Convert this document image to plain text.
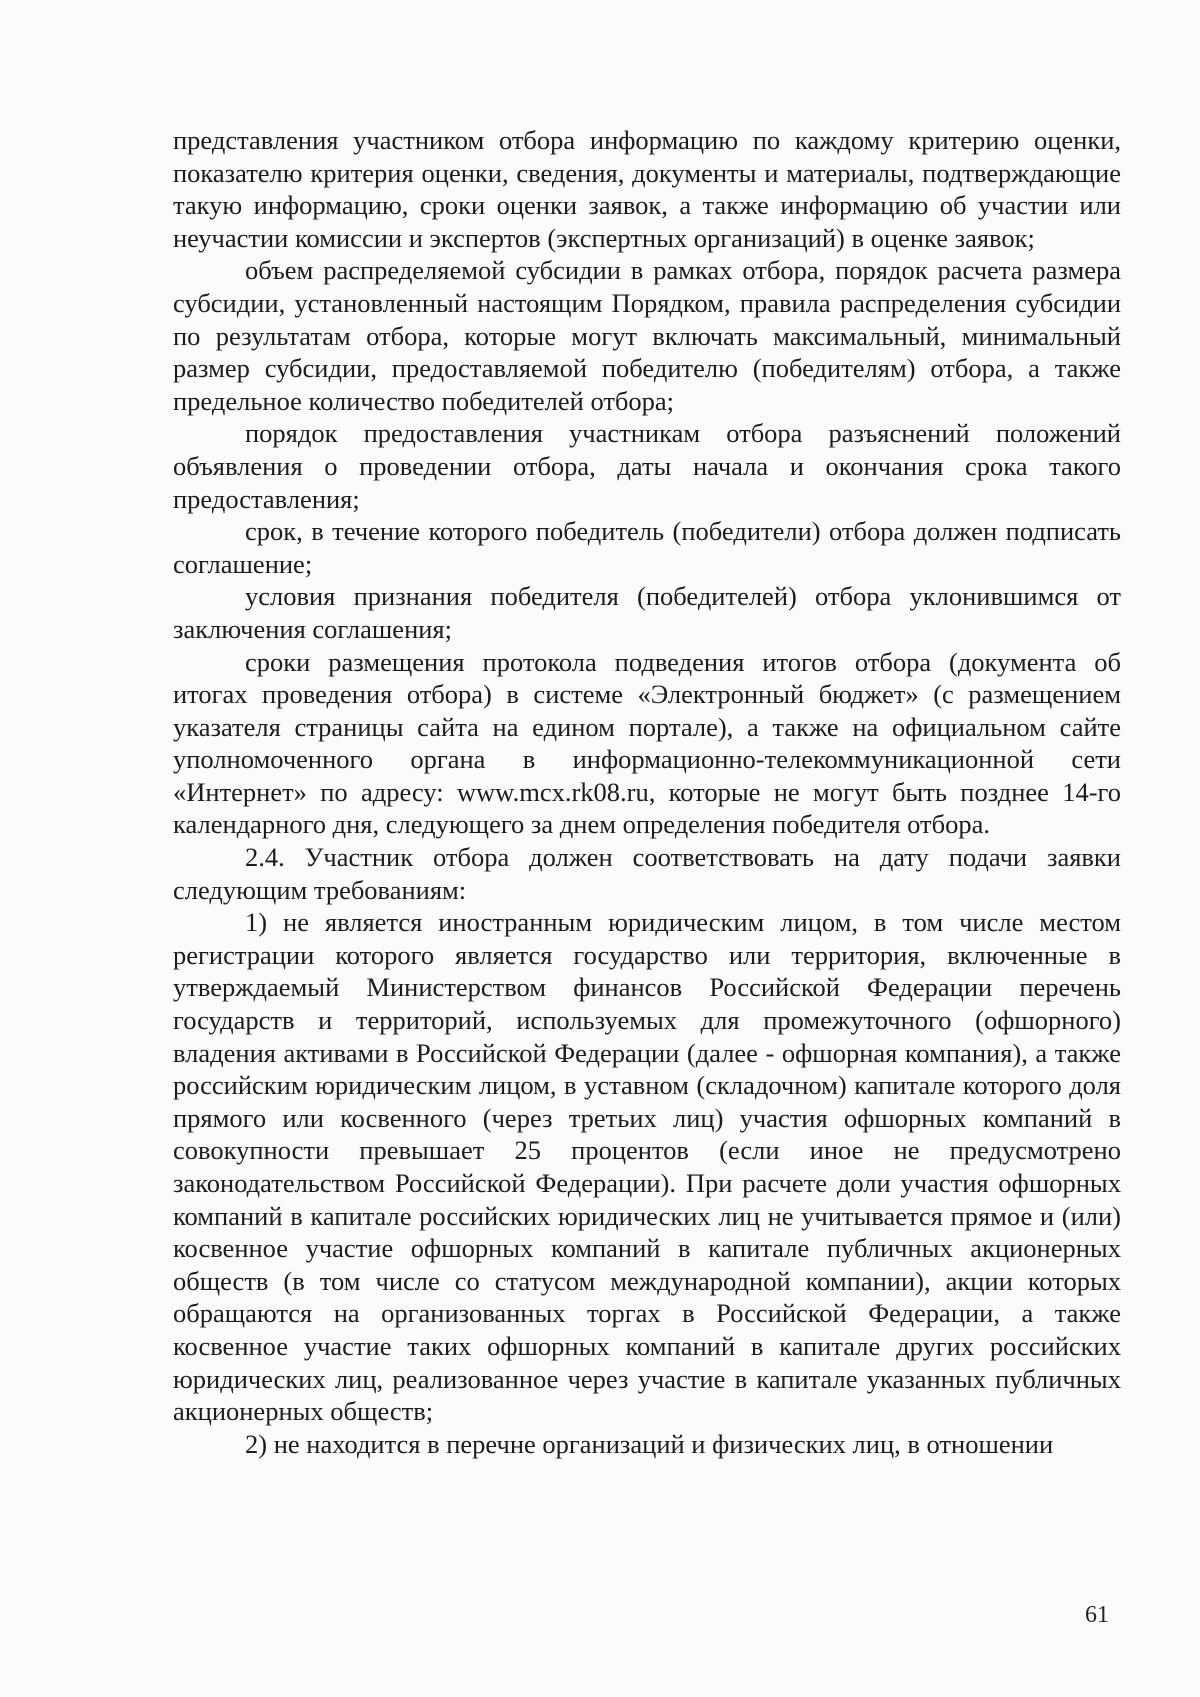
представления участником отбора информацию по каждому критерию оценки, показателю критерия оценки, сведения, документы и материалы, подтверждающие такую информацию, сроки оценки заявок, а также информацию об участии или неучастии комиссии и экспертов (экспертных организаций) в оценке заявок;

объем распределяемой субсидии в рамках отбора, порядок расчета размера субсидии, установленный настоящим Порядком, правила распределения субсидии по результатам отбора, которые могут включать максимальный, минимальный размер субсидии, предоставляемой победителю (победителям) отбора, а также предельное количество победителей отбора;

порядок предоставления участникам отбора разъяснений положений объявления о проведении отбора, даты начала и окончания срока такого предоставления;

срок, в течение которого победитель (победители) отбора должен подписать соглашение;

условия признания победителя (победителей) отбора уклонившимся от заключения соглашения;

сроки размещения протокола подведения итогов отбора (документа об итогах проведения отбора) в системе «Электронный бюджет» (с размещением указателя страницы сайта на едином портале), а также на официальном сайте уполномоченного органа в информационно-телекоммуникационной сети «Интернет» по адресу: www.mcx.rk08.ru, которые не могут быть позднее 14-го календарного дня, следующего за днем определения победителя отбора.

2.4. Участник отбора должен соответствовать на дату подачи заявки следующим требованиям:

1) не является иностранным юридическим лицом, в том числе местом регистрации которого является государство или территория, включенные в утверждаемый Министерством финансов Российской Федерации перечень государств и территорий, используемых для промежуточного (офшорного) владения активами в Российской Федерации (далее - офшорная компания), а также российским юридическим лицом, в уставном (складочном) капитале которого доля прямого или косвенного (через третьих лиц) участия офшорных компаний в совокупности превышает 25 процентов (если иное не предусмотрено законодательством Российской Федерации). При расчете доли участия офшорных компаний в капитале российских юридических лиц не учитывается прямое и (или) косвенное участие офшорных компаний в капитале публичных акционерных обществ (в том числе со статусом международной компании), акции которых обращаются на организованных торгах в Российской Федерации, а также косвенное участие таких офшорных компаний в капитале других российских юридических лиц, реализованное через участие в капитале указанных публичных акционерных обществ;

2) не находится в перечне организаций и физических лиц, в отношении

61
